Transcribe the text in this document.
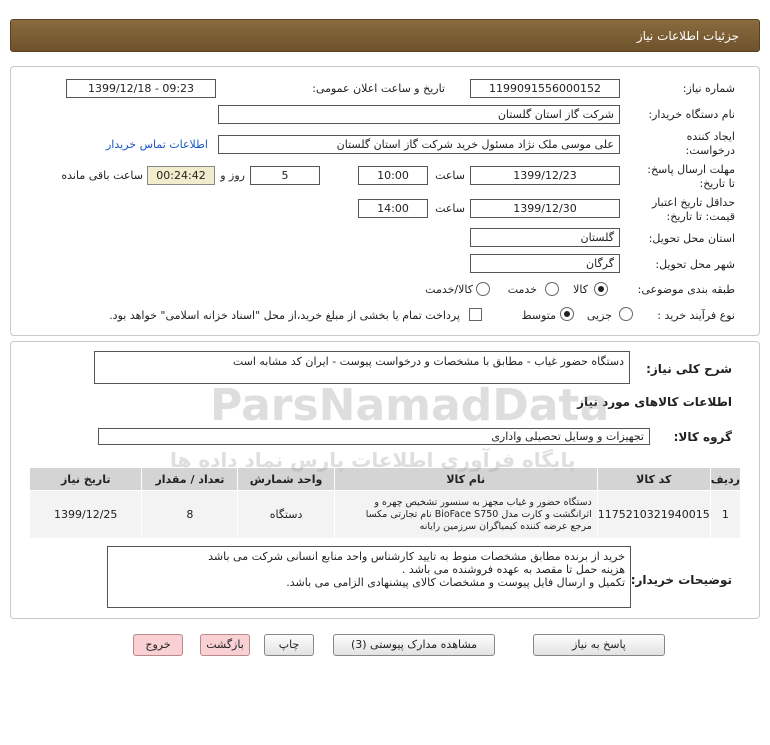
جزئیات اطلاعات نیاز
شماره نیاز:
1199091556000152
تاریخ و ساعت اعلان عمومی:
1399/12/18 - 09:23
نام دستگاه خریدار:
شرکت گاز استان گلستان
ایجاد کننده
درخواست:
علی موسی ملک نژاد مسئول خرید شرکت گاز استان گلستان
اطلاعات تماس خریدار
مهلت ارسال پاسخ:
تا تاریخ:
1399/12/23
ساعت
10:00
5
روز و
00:24:42
ساعت باقی مانده
حداقل تاریخ اعتبار
قیمت: تا تاریخ:
1399/12/30
ساعت
14:00
استان محل تحویل:
گلستان
شهر محل تحویل:
گرگان
طبقه بندی موضوعی:
کالا
خدمت
کالا/خدمت
نوع فرآیند خرید :
جزیی
متوسط
پرداخت تمام یا بخشی از مبلغ خرید،از محل "اسناد خزانه اسلامی" خواهد بود.
شرح کلی نیاز:
دستگاه حضور غیاب - مطابق با مشخصات و درخواست پیوست - ایران کد مشابه است
اطلاعات کالاهای مورد نیاز
گروه کالا:
تجهیزات و وسایل تحصیلی واداری
ردیف	کد کالا	نام کالا	واحد شمارش	تعداد / مقدار	تاریخ نیاز
1	1175210321940015	دستگاه حضور و غیاب مجهز به سنسور تشخیص چهره و
اثرانگشت و کارت مدل BioFace S750 نام تجارتی مکسا
مرجع عرضه کننده کیمیاگران سرزمین رایانه	دستگاه	8	1399/12/25
توضیحات خریدار:
خرید از برنده مطابق مشخصات منوط به تایید کارشناس واحد منابع انسانی شرکت می باشد
هزینه حمل تا مقصد به عهده فروشنده می باشد .
تکمیل و ارسال فایل پیوست و مشخصات کالای پیشنهادی الزامی می باشد.
پاسخ به نیاز
مشاهده مدارک پیوستی (3)
چاپ
بازگشت
خروج
ParsNamadData
پایگاه فرآوری اطلاعات پارس نماد داده ها
